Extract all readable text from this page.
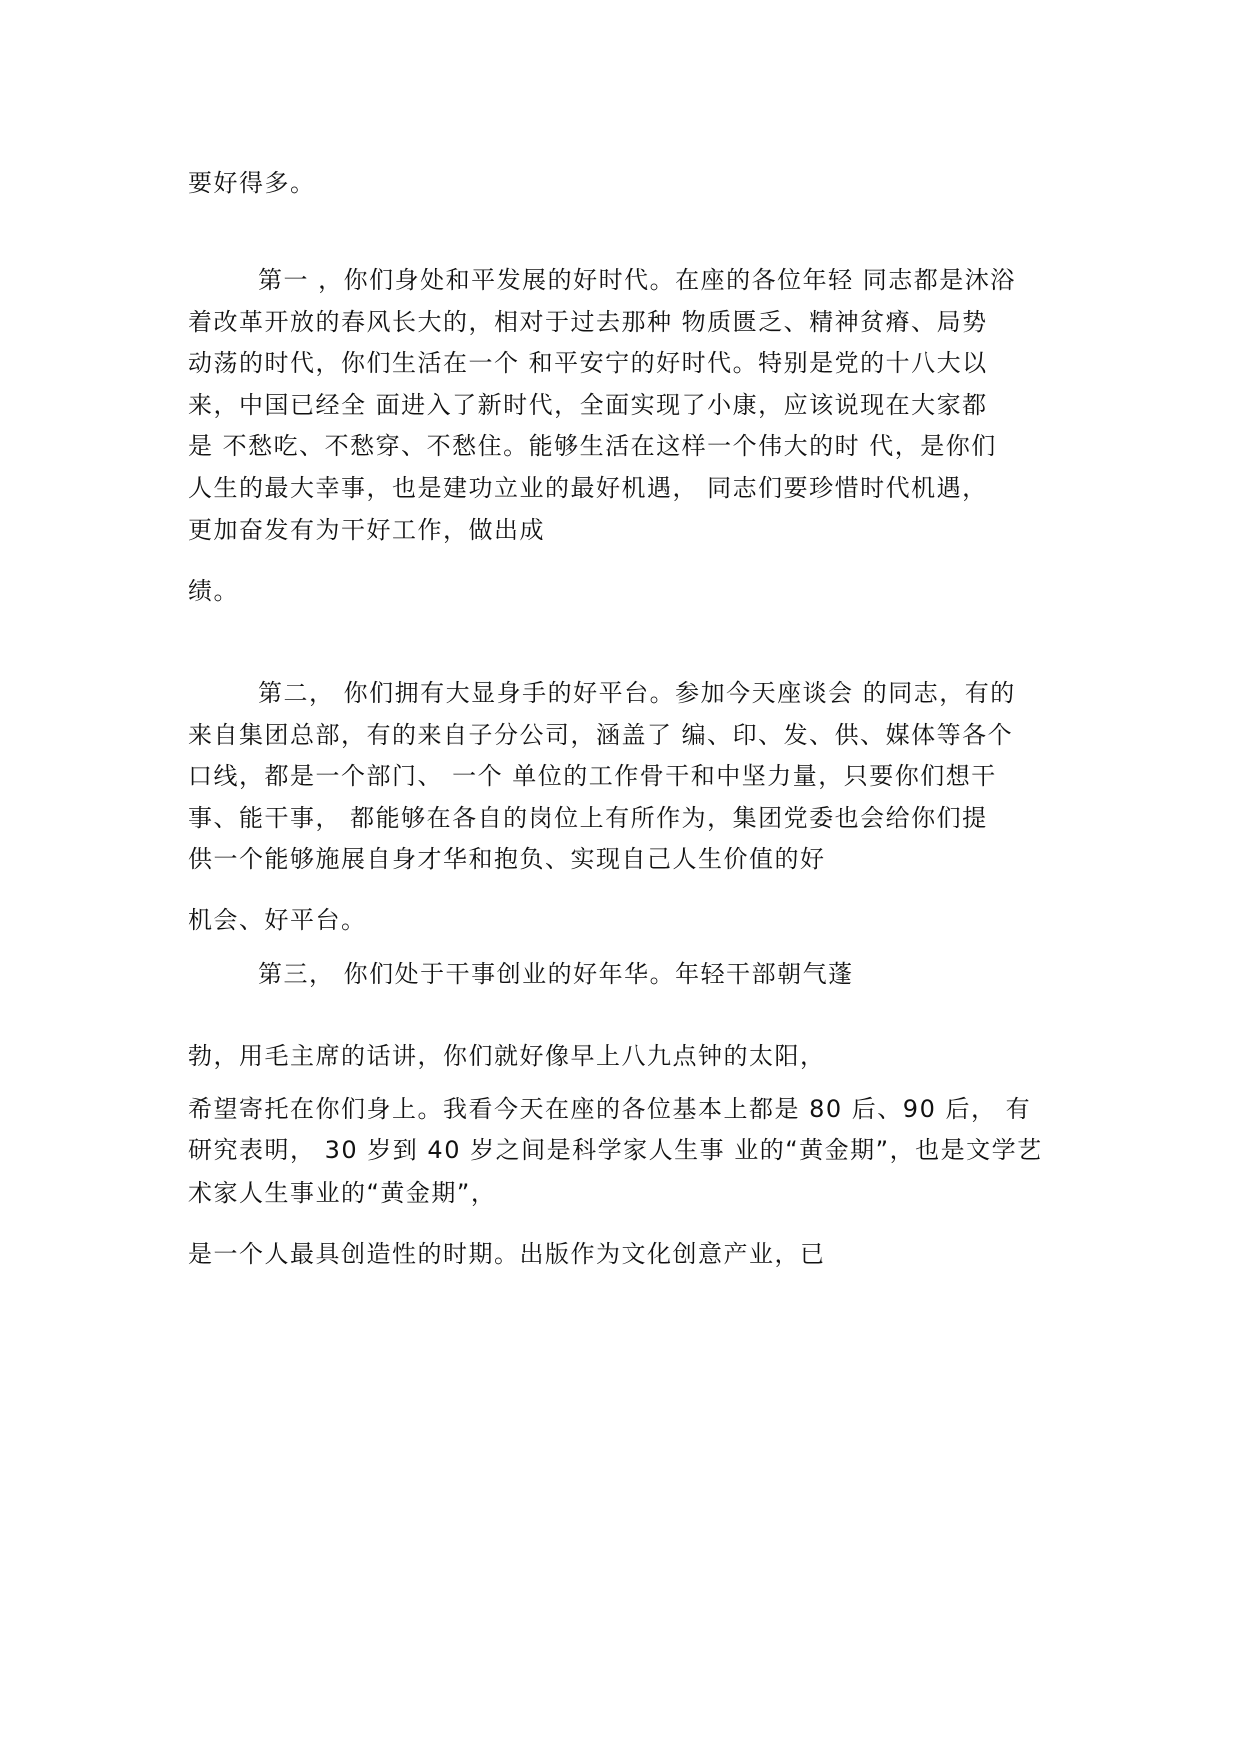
要好得多。
第一 ，你们身处和平发展的好时代。在座的各位年轻 同志都是沐浴
着改革开放的春风长大的，相对于过去那种 物质匮乏、精神贫瘠、局势
动荡的时代，你们生活在一个 和平安宁的好时代。特别是党的十八大以
来，中国已经全 面进入了新时代，全面实现了小康，应该说现在大家都
是 不愁吃、不愁穿、不愁住。能够生活在这样一个伟大的时 代，是你们
人生的最大幸事，也是建功立业的最好机遇， 同志们要珍惜时代机遇，
更加奋发有为干好工作，做出成
绩。
第二， 你们拥有大显身手的好平台。参加今天座谈会 的同志，有的
来自集团总部，有的来自子分公司，涵盖了 编、印、发、供、媒体等各个
口线，都是一个部门、 一个 单位的工作骨干和中坚力量，只要你们想干
事、能干事， 都能够在各自的岗位上有所作为，集团党委也会给你们提
供一个能够施展自身才华和抱负、实现自己人生价值的好
机会、好平台。
第三， 你们处于干事创业的好年华。年轻干部朝气蓬
勃，用毛主席的话讲，你们就好像早上八九点钟的太阳，
希望寄托在你们身上。我看今天在座的各位基本上都是 80 后、90 后， 有
研究表明， 30 岁到 40 岁之间是科学家人生事 业的“黄金期”，也是文学艺
术家人生事业的“黄金期”，
是一个人最具创造性的时期。出版作为文化创意产业，已
